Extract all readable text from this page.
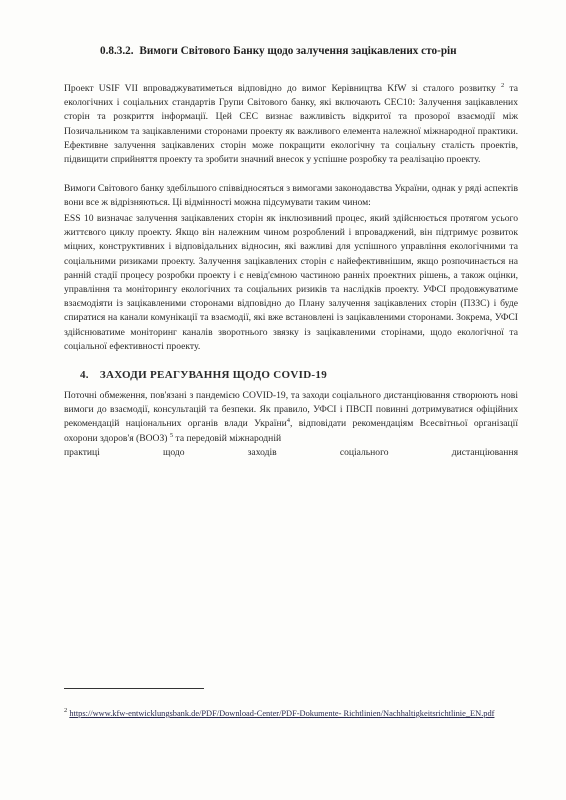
0.8.3.2. Вимоги Світового Банку щодо залучення зацікавлених сто-рін
Проект USIF VII впроваджуватиметься відповідно до вимог Керівництва KfW зі сталого розвитку $^2$ та екологічних і соціальних стандартів Групи Світового банку, які включають СЕС10: Залучення зацікавлених сторін та розкриття інформації. Цей СЕС визнає важливість відкритої та прозорої взаємодії між Позичальником та зацікавленими сторонами проекту як важливого елемента належної міжнародної практики. Ефективне залучення зацікавлених сторін може покращити екологічну та соціальну сталість проектів, підвищити сприйняття проекту та зробити значний внесок у успішне розробку та реалізацію проекту.
Вимоги Світового банку здебільшого співвідносяться з вимогами законодавства України, однак у ряді аспектів вони все ж відрізняються. Ці відмінності можна підсумувати таким чином:
ESS 10 визначає залучення зацікавлених сторін як інклюзивний процес, який здійснюється протягом усього життєвого циклу проекту. Якщо він належним чином розроблений і впроваджений, він підтримує розвиток міцних, конструктивних і відповідальних відносин, які важливі для успішного управління екологічними та соціальними ризиками проекту. Залучення зацікавлених сторін є найефективнішим, якщо розпочинається на ранній стадії процесу розробки проекту і є невід'ємною частиною ранніх проектних рішень, а також оцінки, управління та моніторингу екологічних та соціальних ризиків та наслідків проекту. УФСІ продовжуватиме взаємодіяти із зацікавленими сторонами відповідно до Плану залучення зацікавлених сторін (ПЗЗС) і буде спиратися на канали комунікації та взаємодії, які вже встановлені із зацікавленими сторонами. Зокрема, УФСІ здійснюватиме моніторинг каналів зворотнього звязку із зацікавленими сторінами, щодо екологічної та соціальної ефективності проекту.
4. ЗАХОДИ РЕАГУВАННЯ ЩОДО COVID-19
Поточні обмеження, пов'язані з пандемією COVID-19, та заходи соціального дистанціювання створюють нові вимоги до взаємодії, консультацій та безпеки. Як правило, УФСІ і ПВСП повинні дотримуватися офіційних рекомендацій національних органів влади України$^4$, відповідати рекомендаціям Всесвітньої організації охорони здоров'я (ВООЗ) $^5$ та передовій міжнародній
практиці	щодо	заходів	соціального	дистанціювання
$^2$ https://www.kfw-entwicklungsbank.de/PDF/Download-Center/PDF-Dokumente- Richtlinien/Nachhaltigkeitsrichtlinie_EN.pdf
